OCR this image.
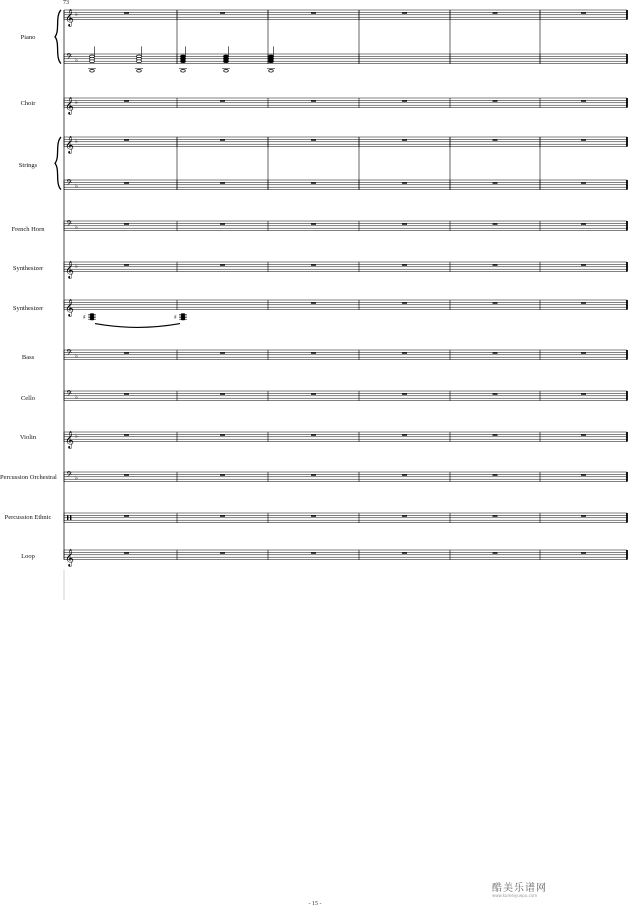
𝄞 ♭
𝄢 ♭
𝄞 ♭
𝄞 ♭
𝄢 ♭
𝄢 ♭
𝄞 ♭
𝄞
𝄢 ♭
𝄢 ♭
𝄞 ♭
𝄢 ♭
𝄞
♯	♯
Piano
Choir
Strings
French Horn
Synthesizer
Synthesizer
Bass
Cello
Violin
Percussion Orchestral
Percussion Ethnic
Loop
73
- 15 -
酷美乐谱网
www.kumeiyuepu.com
